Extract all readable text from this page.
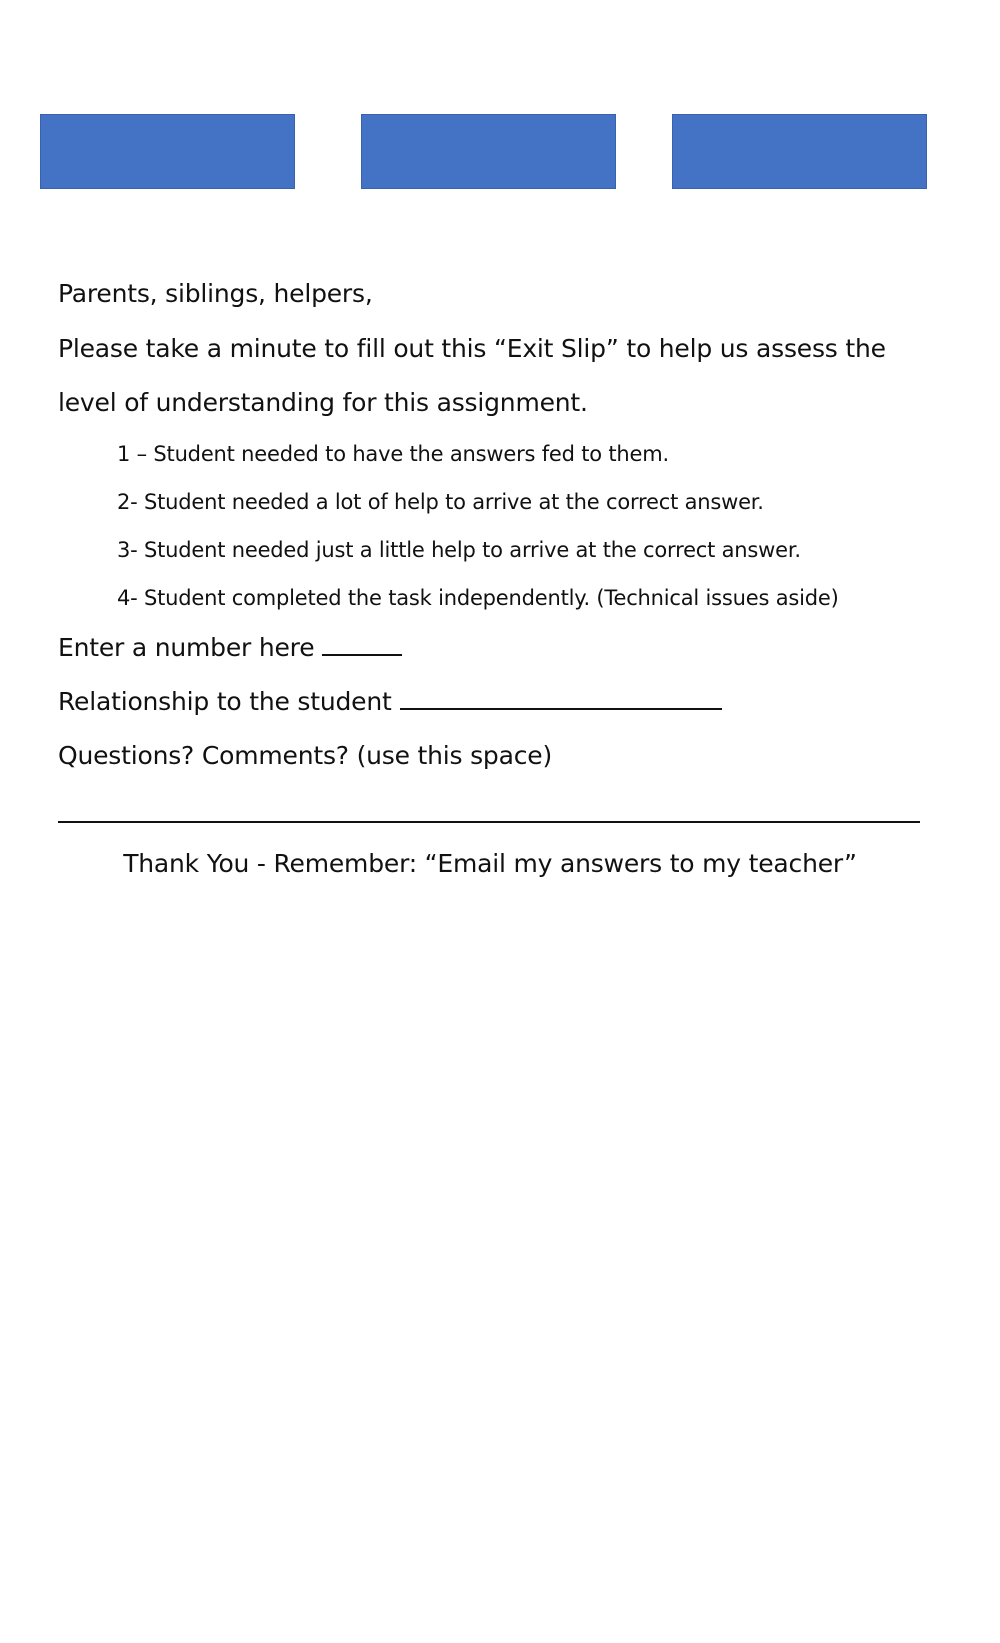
Parents, siblings, helpers,
Please take a minute to fill out this “Exit Slip” to help us assess the
level of understanding for this assignment.
1 – Student needed to have the answers fed to them.
2- Student needed a lot of help to arrive at the correct answer.
3- Student needed just a little help to arrive at the correct answer.
4- Student completed the task independently. (Technical issues aside)
Enter a number here
Relationship to the student
Questions? Comments? (use this space)
Thank You - Remember: “Email my answers to my teacher”
